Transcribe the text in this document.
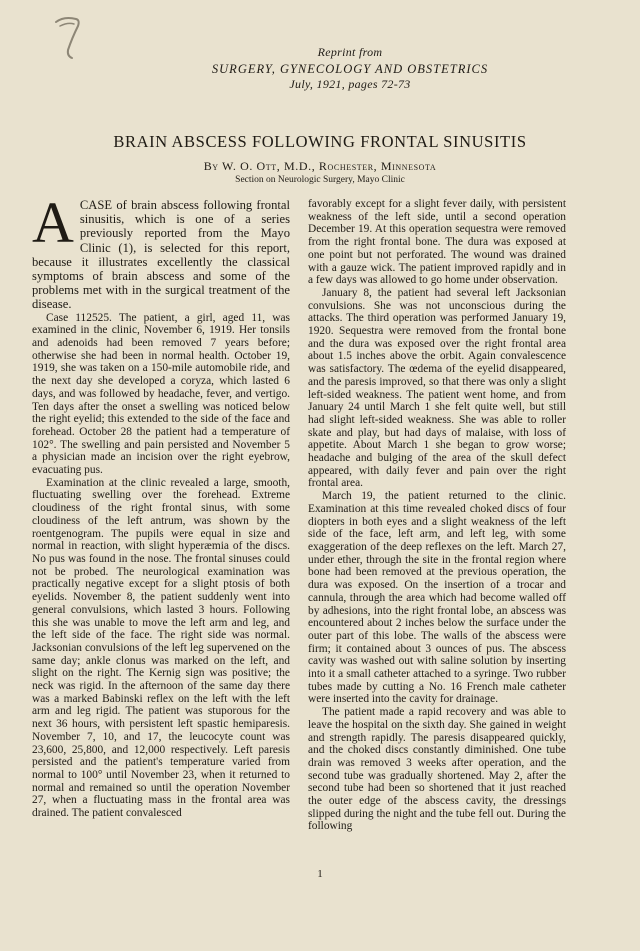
Reprint from
SURGERY, GYNECOLOGY AND OBSTETRICS
July, 1921, pages 72-73
BRAIN ABSCESS FOLLOWING FRONTAL SINUSITIS
By W. O. Ott, M.D., Rochester, Minnesota
Section on Neurologic Surgery, Mayo Clinic

ACASE of brain abscess following frontal sinusitis, which is one of a series previously reported from the Mayo Clinic (1), is selected for this report, because it illustrates excellently the classical symptoms of brain abscess and some of the problems met with in the surgical treatment of the disease.

Case 112525. The patient, a girl, aged 11, was examined in the clinic, November 6, 1919. Her tonsils and adenoids had been removed 7 years before; otherwise she had been in normal health. October 19, 1919, she was taken on a 150-mile automobile ride, and the next day she developed a coryza, which lasted 6 days, and was followed by headache, fever, and vertigo. Ten days after the onset a swelling was noticed below the right eyelid; this extended to the side of the face and forehead. October 28 the patient had a temperature of 102°. The swelling and pain persisted and November 5 a physician made an incision over the right eyebrow, evacuating pus.

Examination at the clinic revealed a large, smooth, fluctuating swelling over the forehead. Extreme cloudiness of the right frontal sinus, with some cloudiness of the left antrum, was shown by the roentgenogram. The pupils were equal in size and normal in reaction, with slight hyperæmia of the discs. No pus was found in the nose. The frontal sinuses could not be probed. The neurological examination was practically negative except for a slight ptosis of both eyelids. November 8, the patient suddenly went into general convulsions, which lasted 3 hours. Following this she was unable to move the left arm and leg, and the left side of the face. The right side was normal. Jacksonian convulsions of the left leg supervened on the same day; ankle clonus was marked on the left, and slight on the right. The Kernig sign was positive; the neck was rigid. In the afternoon of the same day there was a marked Babinski reflex on the left with the left arm and leg rigid. The patient was stuporous for the next 36 hours, with persistent left spastic hemiparesis. November 7, 10, and 17, the leucocyte count was 23,600, 25,800, and 12,000 respectively. Left paresis persisted and the patient's temperature varied from normal to 100° until November 23, when it returned to normal and remained so until the operation November 27, when a fluctuating mass in the frontal area was drained. The patient convalesced

favorably except for a slight fever daily, with persistent weakness of the left side, until a second operation December 19. At this operation sequestra were removed from the right frontal bone. The dura was exposed at one point but not perforated. The wound was drained with a gauze wick. The patient improved rapidly and in a few days was allowed to go home under observation.

January 8, the patient had several left Jacksonian convulsions. She was not unconscious during the attacks. The third operation was performed January 19, 1920. Sequestra were removed from the frontal bone and the dura was exposed over the right frontal area about 1.5 inches above the orbit. Again convalescence was satisfactory. The œdema of the eyelid disappeared, and the paresis improved, so that there was only a slight left-sided weakness. The patient went home, and from January 24 until March 1 she felt quite well, but still had slight left-sided weakness. She was able to roller skate and play, but had days of malaise, with loss of appetite. About March 1 she began to grow worse; headache and bulging of the area of the skull defect appeared, with daily fever and pain over the right frontal area.

March 19, the patient returned to the clinic. Examination at this time revealed choked discs of four diopters in both eyes and a slight weakness of the left side of the face, left arm, and left leg, with some exaggeration of the deep reflexes on the left. March 27, under ether, through the site in the frontal region where bone had been removed at the previous operation, the dura was exposed. On the insertion of a trocar and cannula, through the area which had become walled off by adhesions, into the right frontal lobe, an abscess was encountered about 2 inches below the surface under the outer part of this lobe. The walls of the abscess were firm; it contained about 3 ounces of pus. The abscess cavity was washed out with saline solution by inserting into it a small catheter attached to a syringe. Two rubber tubes made by cutting a No. 16 French male catheter were inserted into the cavity for drainage.

The patient made a rapid recovery and was able to leave the hospital on the sixth day. She gained in weight and strength rapidly. The paresis disappeared quickly, and the choked discs constantly diminished. One tube drain was removed 3 weeks after operation, and the second tube was gradually shortened. May 2, after the second tube had been so shortened that it just reached the outer edge of the abscess cavity, the dressings slipped during the night and the tube fell out. During the following

1
